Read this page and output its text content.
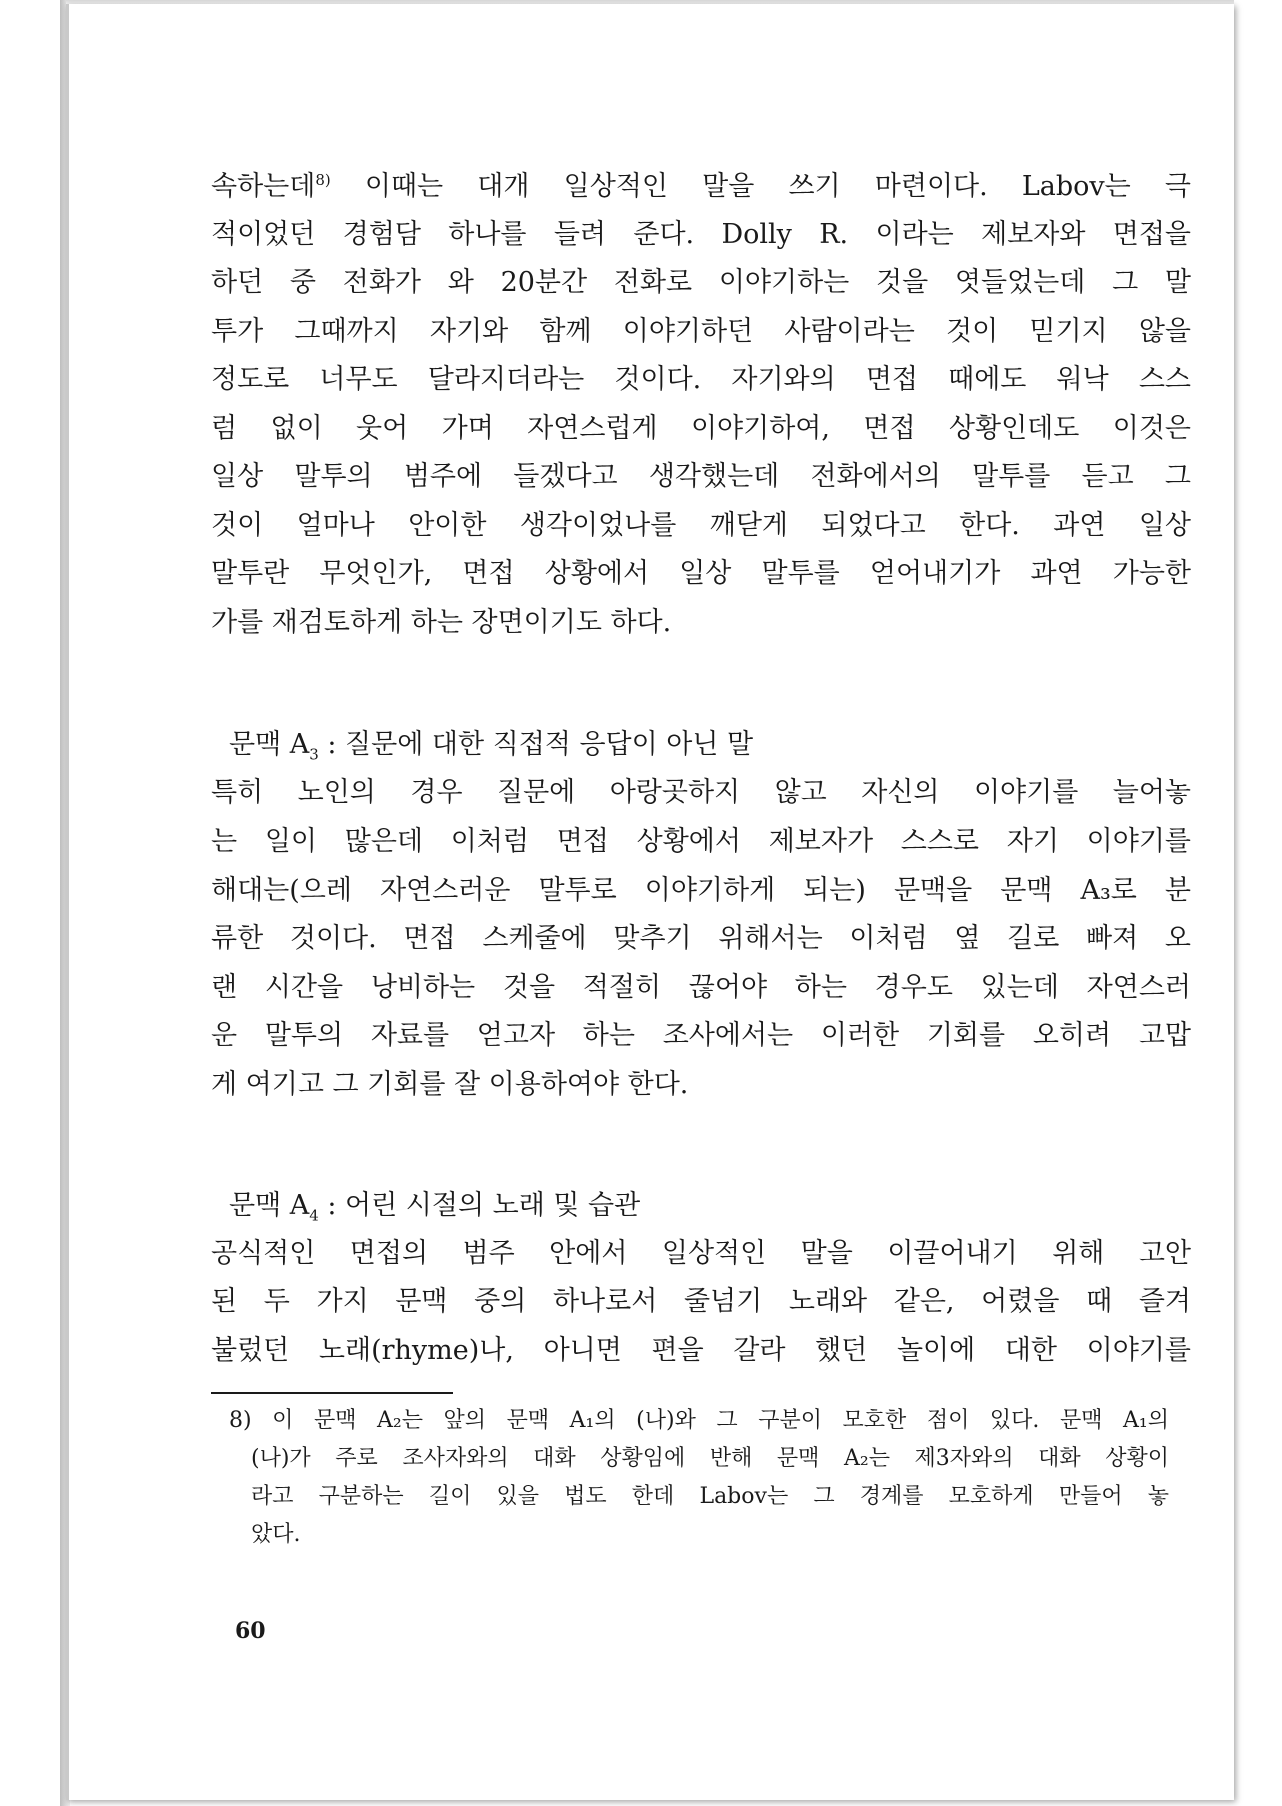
속하는데$^{8)}$ 이때는 대개 일상적인 말을 쓰기 마련이다. Labov는 극
적이었던 경험담 하나를 들려 준다. Dolly R. 이라는 제보자와 면접을
하던 중 전화가 와 20분간 전화로 이야기하는 것을 엿들었는데 그 말
투가 그때까지 자기와 함께 이야기하던 사람이라는 것이 믿기지 않을
정도로 너무도 달라지더라는 것이다. 자기와의 면접 때에도 워낙 스스
럼 없이 웃어 가며 자연스럽게 이야기하여, 면접 상황인데도 이것은
일상 말투의 범주에 들겠다고 생각했는데 전화에서의 말투를 듣고 그
것이 얼마나 안이한 생각이었나를 깨닫게 되었다고 한다. 과연 일상
말투란 무엇인가, 면접 상황에서 일상 말투를 얻어내기가 과연 가능한
가를 재검토하게 하는 장면이기도 하다.
문맥 $A_3$ : 질문에 대한 직접적 응답이 아닌 말
특히 노인의 경우 질문에 아랑곳하지 않고 자신의 이야기를 늘어놓
는 일이 많은데 이처럼 면접 상황에서 제보자가 스스로 자기 이야기를
해대는(으레 자연스러운 말투로 이야기하게 되는) 문맥을 문맥 A₃로 분
류한 것이다. 면접 스케줄에 맞추기 위해서는 이처럼 옆 길로 빠져 오
랜 시간을 낭비하는 것을 적절히 끊어야 하는 경우도 있는데 자연스러
운 말투의 자료를 얻고자 하는 조사에서는 이러한 기회를 오히려 고맙
게 여기고 그 기회를 잘 이용하여야 한다.
문맥 $A_4$ : 어린 시절의 노래 및 습관
공식적인 면접의 범주 안에서 일상적인 말을 이끌어내기 위해 고안
된 두 가지 문맥 중의 하나로서 줄넘기 노래와 같은, 어렸을 때 즐겨
불렀던 노래(rhyme)나, 아니면 편을 갈라 했던 놀이에 대한 이야기를
8) 이 문맥 A₂는 앞의 문맥 A₁의 (나)와 그 구분이 모호한 점이 있다. 문맥 A₁의
(나)가 주로 조사자와의 대화 상황임에 반해 문맥 A₂는 제3자와의 대화 상황이
라고 구분하는 길이 있을 법도 한데 Labov는 그 경계를 모호하게 만들어 놓
았다.
60
